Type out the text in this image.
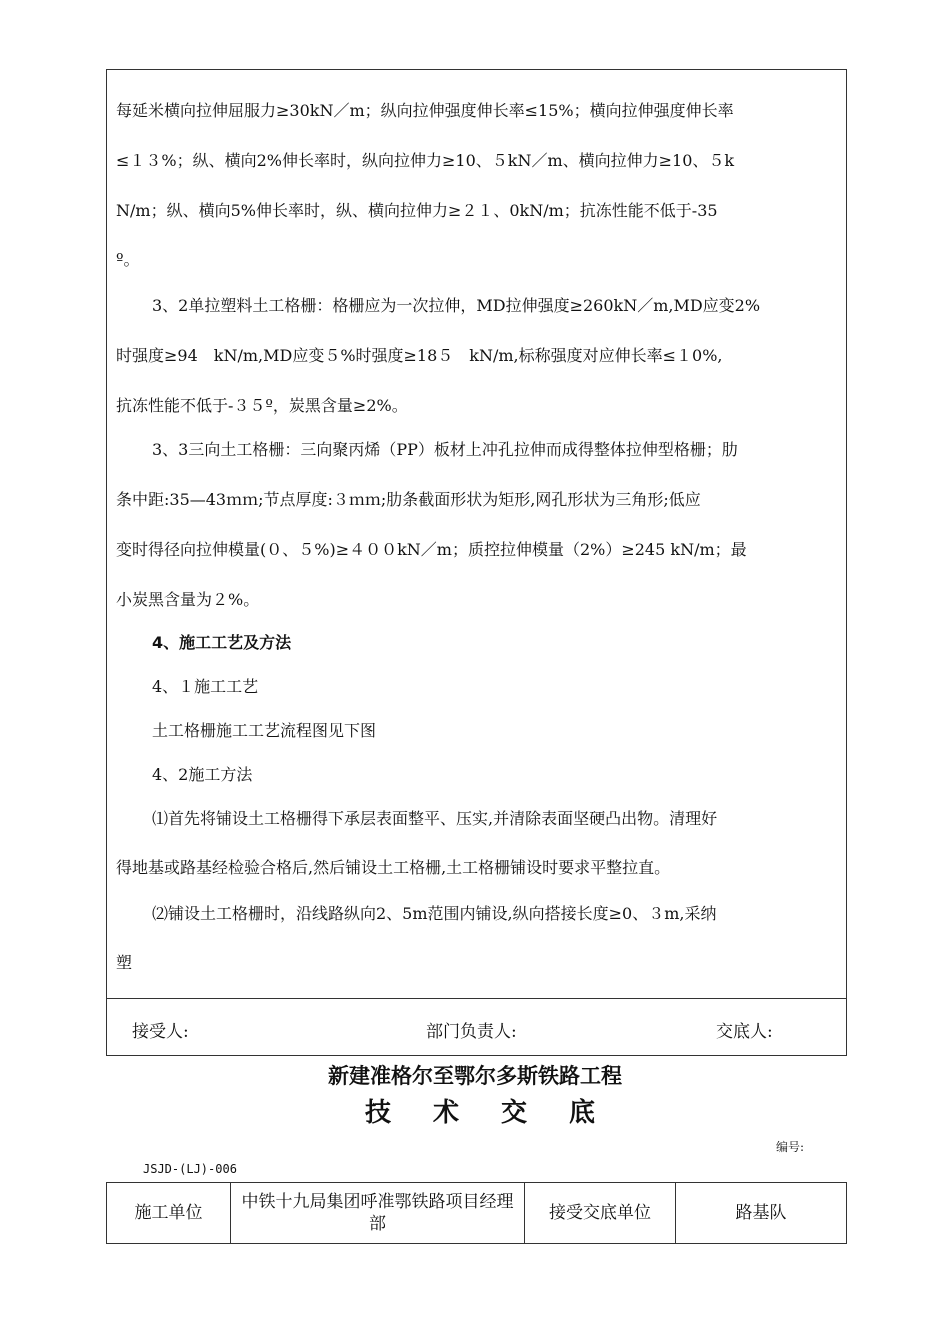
每延米横向拉伸屈服力≥30kN／m；纵向拉伸强度伸长率≤15%；横向拉伸强度伸长率
≤１３%；纵、横向2%伸长率时，纵向拉伸力≥10、５kN／m、横向拉伸力≥10、５k
N/m；纵、横向5%伸长率时，纵、横向拉伸力≥２１、0kN/m；抗冻性能不低于-35
º。
3、2单拉塑料土工格栅：格栅应为一次拉伸，MD拉伸强度≥260kN／m,MD应变2%
时强度≥94　kN/m,MD应变５%时强度≥18５　kN/m,标称强度对应伸长率≤１0%,
抗冻性能不低于-３５º，炭黑含量≥2%。
3、3三向土工格栅：三向聚丙烯（PP）板材上冲孔拉伸而成得整体拉伸型格栅；肋
条中距:35—43ｍｍ;节点厚度:３ｍｍ;肋条截面形状为矩形,网孔形状为三角形;低应
变时得径向拉伸模量(０、５%)≥４００kN／m；质控拉伸模量（2%）≥245 kN/m；最
小炭黑含量为２%。
4、施工工艺及方法
4、１施工工艺
土工格栅施工工艺流程图见下图
4、2施工方法
⑴首先将铺设土工格栅得下承层表面整平、压实,并清除表面坚硬凸出物。清理好
得地基或路基经检验合格后,然后铺设土工格栅,土工格栅铺设时要求平整拉直。
⑵铺设土工格栅时，沿线路纵向2、5m范围内铺设,纵向搭接长度≥0、３m,采纳
塑
接受人:	部门负责人:	交底人:
新建准格尔至鄂尔多斯铁路工程
技 术 交 底
编号:
JSJD-(LJ)-006
施工单位	中铁十九局集团呼准鄂铁路项目经理部	接受交底单位	路基队
